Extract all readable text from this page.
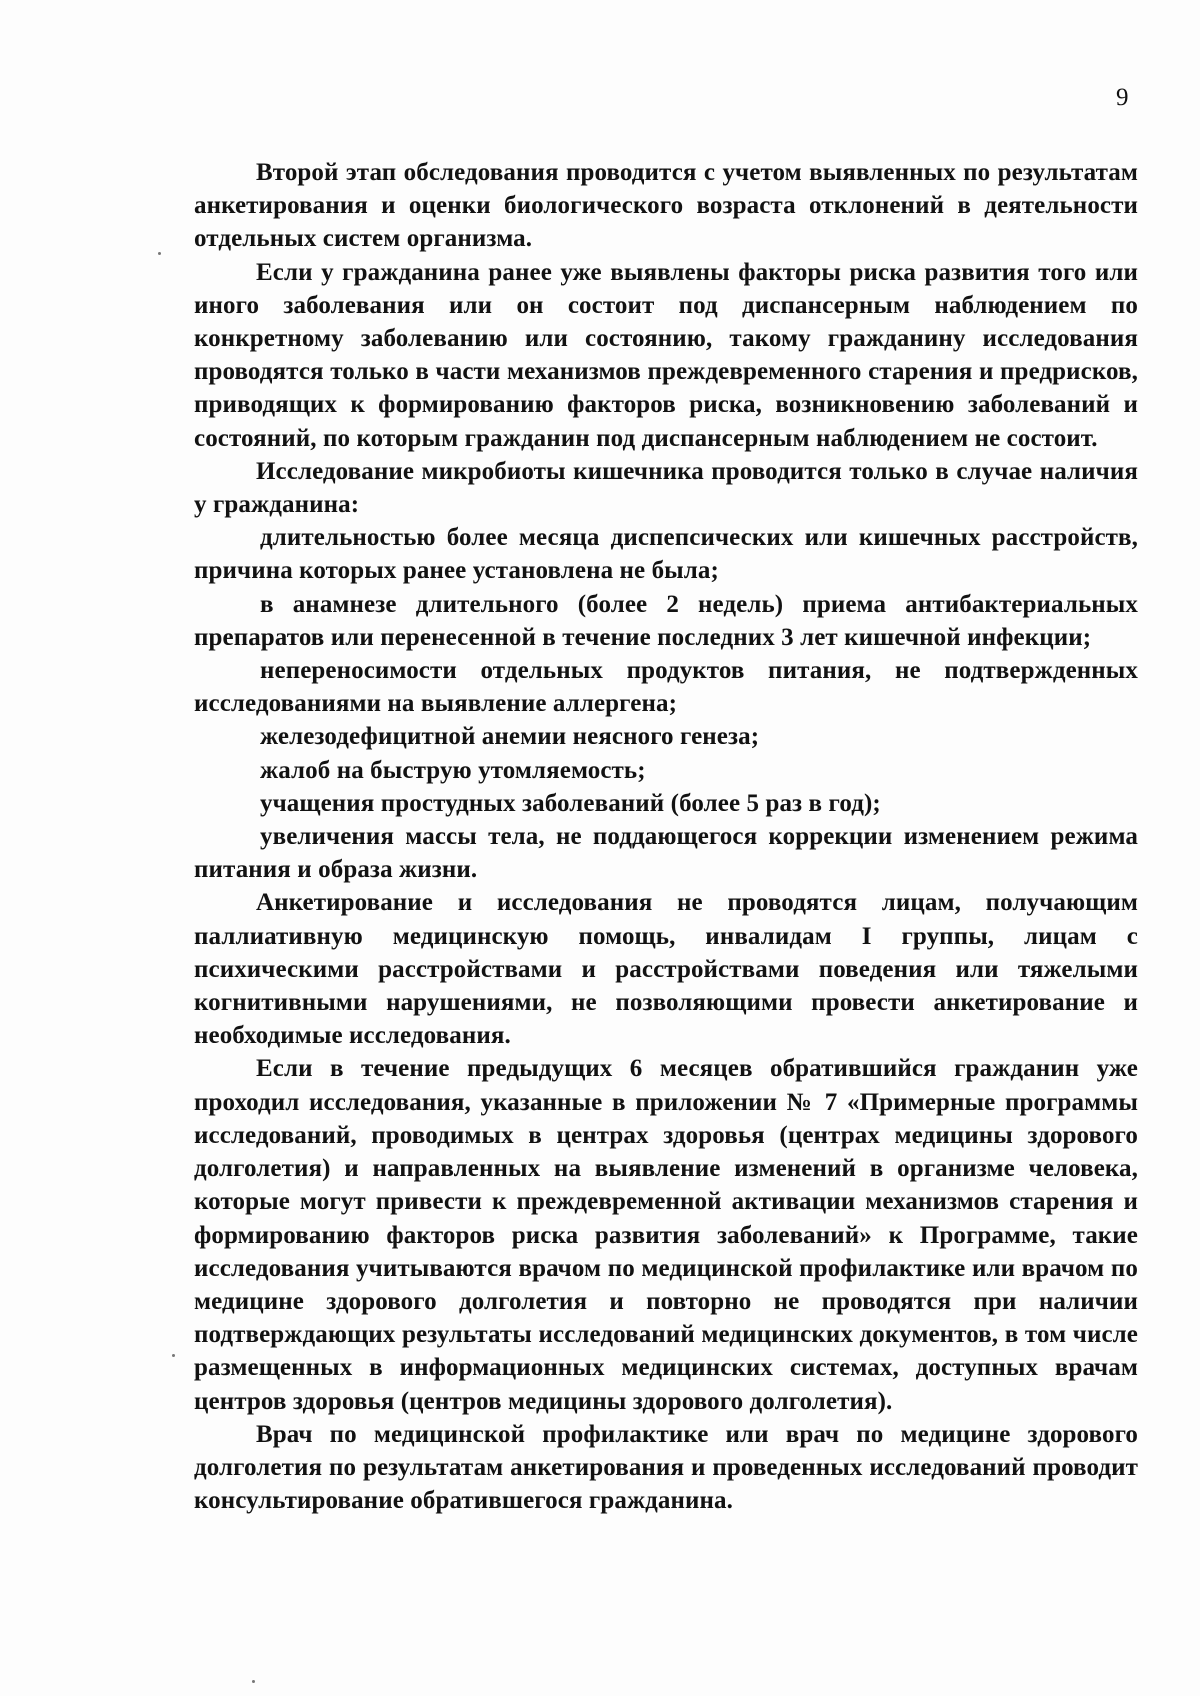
9

Второй этап обследования проводится с учетом выявленных по результатам анкетирования и оценки биологического возраста отклонений в деятельности отдельных систем организма.

Если у гражданина ранее уже выявлены факторы риска развития того или иного заболевания или он состоит под диспансерным наблюдением по конкретному заболеванию или состоянию, такому гражданину исследования проводятся только в части механизмов преждевременного старения и предрисков, приводящих к формированию факторов риска, возникновению заболеваний и состояний, по которым гражданин под диспансерным наблюдением не состоит.

Исследование микробиоты кишечника проводится только в случае наличия у гражданина:

длительностью более месяца диспепсических или кишечных расстройств, причина которых ранее установлена не была;

в анамнезе длительного (более 2 недель) приема антибактериальных препаратов или перенесенной в течение последних 3 лет кишечной инфекции;

непереносимости отдельных продуктов питания, не подтвержденных исследованиями на выявление аллергена;

железодефицитной анемии неясного генеза;

жалоб на быструю утомляемость;

учащения простудных заболеваний (более 5 раз в год);

увеличения массы тела, не поддающегося коррекции изменением режима питания и образа жизни.

Анкетирование и исследования не проводятся лицам, получающим паллиативную медицинскую помощь, инвалидам I группы, лицам с психическими расстройствами и расстройствами поведения или тяжелыми когнитивными нарушениями, не позволяющими провести анкетирование и необходимые исследования.

Если в течение предыдущих 6 месяцев обратившийся гражданин уже проходил исследования, указанные в приложении № 7 «Примерные программы исследований, проводимых в центрах здоровья (центрах медицины здорового долголетия) и направленных на выявление изменений в организме человека, которые могут привести к преждевременной активации механизмов старения и формированию факторов риска развития заболеваний» к Программе, такие исследования учитываются врачом по медицинской профилактике или врачом по медицине здорового долголетия и повторно не проводятся при наличии подтверждающих результаты исследований медицинских документов, в том числе размещенных в информационных медицинских системах, доступных врачам центров здоровья (центров медицины здорового долголетия).

Врач по медицинской профилактике или врач по медицине здорового долголетия по результатам анкетирования и проведенных исследований проводит консультирование обратившегося гражданина.
